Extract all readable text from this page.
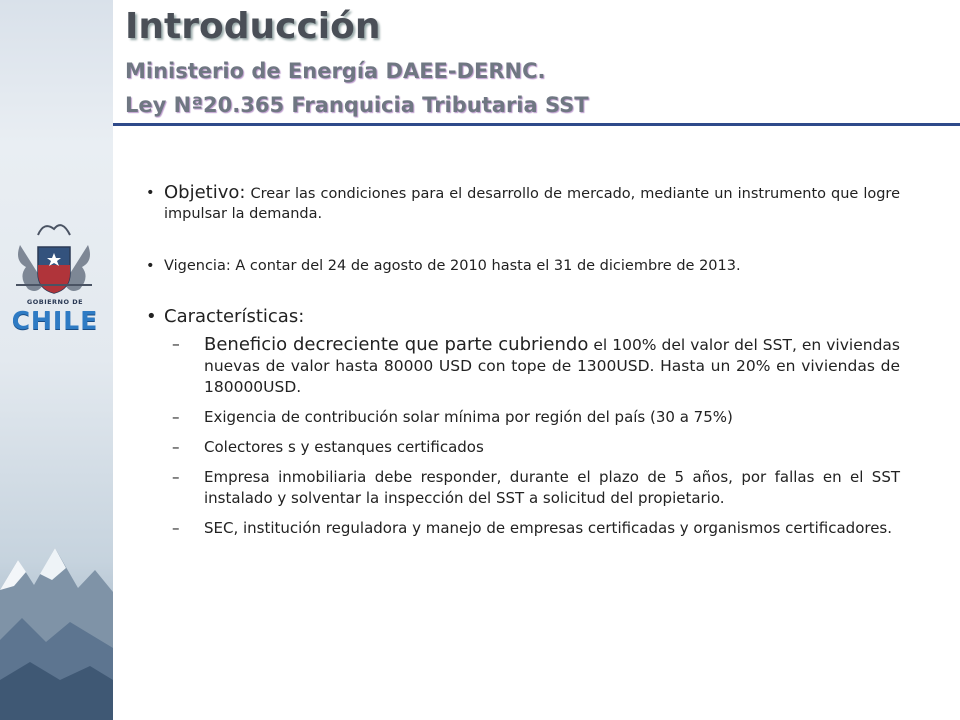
GOBIERNO DE
CHILE
Introducción
Ministerio de Energía DAEE-DERNC.
Ley Nª20.365 Franquicia Tributaria SST
• Objetivo: Crear las condiciones para el desarrollo de mercado, mediante un instrumento que logre impulsar la demanda.
• Vigencia: A contar del 24 de agosto de 2010 hasta el 31 de diciembre de 2013.
• Características:
– Beneficio decreciente que parte cubriendo el 100% del valor del SST, en viviendas nuevas de valor hasta 80000 USD con tope de 1300USD. Hasta un 20% en viviendas de 180000USD.
– Exigencia de contribución solar mínima por región del país (30 a 75%)
– Colectores s y estanques certificados
– Empresa inmobiliaria debe responder, durante el plazo de 5 años, por fallas en el SST instalado y solventar la inspección del SST a solicitud del propietario.
– SEC, institución reguladora y manejo de empresas certificadas y organismos certificadores.
